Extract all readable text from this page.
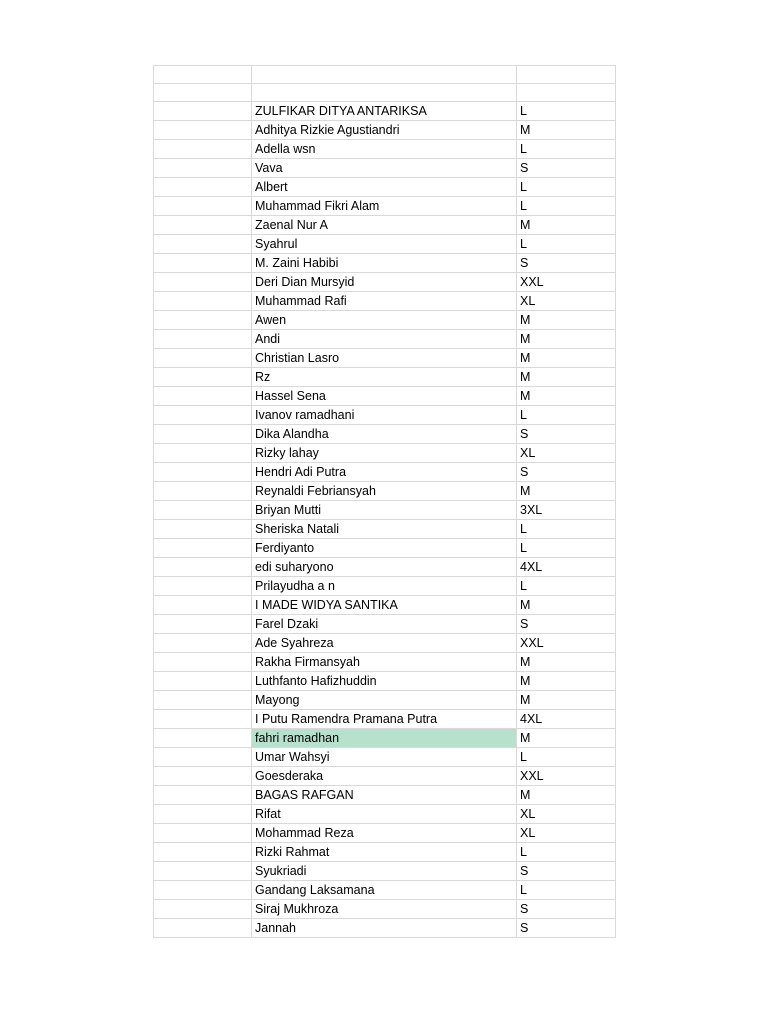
	ZULFIKAR DITYA ANTARIKSA	L
	Adhitya Rizkie Agustiandri	M
	Adella wsn	L
	Vava	S
	Albert	L
	Muhammad Fikri Alam	L
	Zaenal Nur A	M
	Syahrul	L
	M. Zaini Habibi	S
	Deri Dian Mursyid	XXL
	Muhammad Rafi	XL
	Awen	M
	Andi	M
	Christian Lasro	M
	Rz	M
	Hassel Sena	M
	Ivanov ramadhani	L
	Dika Alandha	S
	Rizky lahay	XL
	Hendri Adi Putra	S
	Reynaldi Febriansyah	M
	Briyan Mutti	3XL
	Sheriska Natali	L
	Ferdiyanto	L
	edi suharyono	4XL
	Prilayudha a n	L
	I MADE WIDYA SANTIKA	M
	Farel Dzaki	S
	Ade Syahreza	XXL
	Rakha Firmansyah	M
	Luthfanto Hafizhuddin	M
	Mayong	M
	I Putu Ramendra Pramana Putra	4XL
	fahri ramadhan	M
	Umar Wahsyi	L
	Goesderaka	XXL
	BAGAS RAFGAN	M
	Rifat	XL
	Mohammad Reza	XL
	Rizki Rahmat	L
	Syukriadi	S
	Gandang Laksamana	L
	Siraj Mukhroza	S
	Jannah	S
